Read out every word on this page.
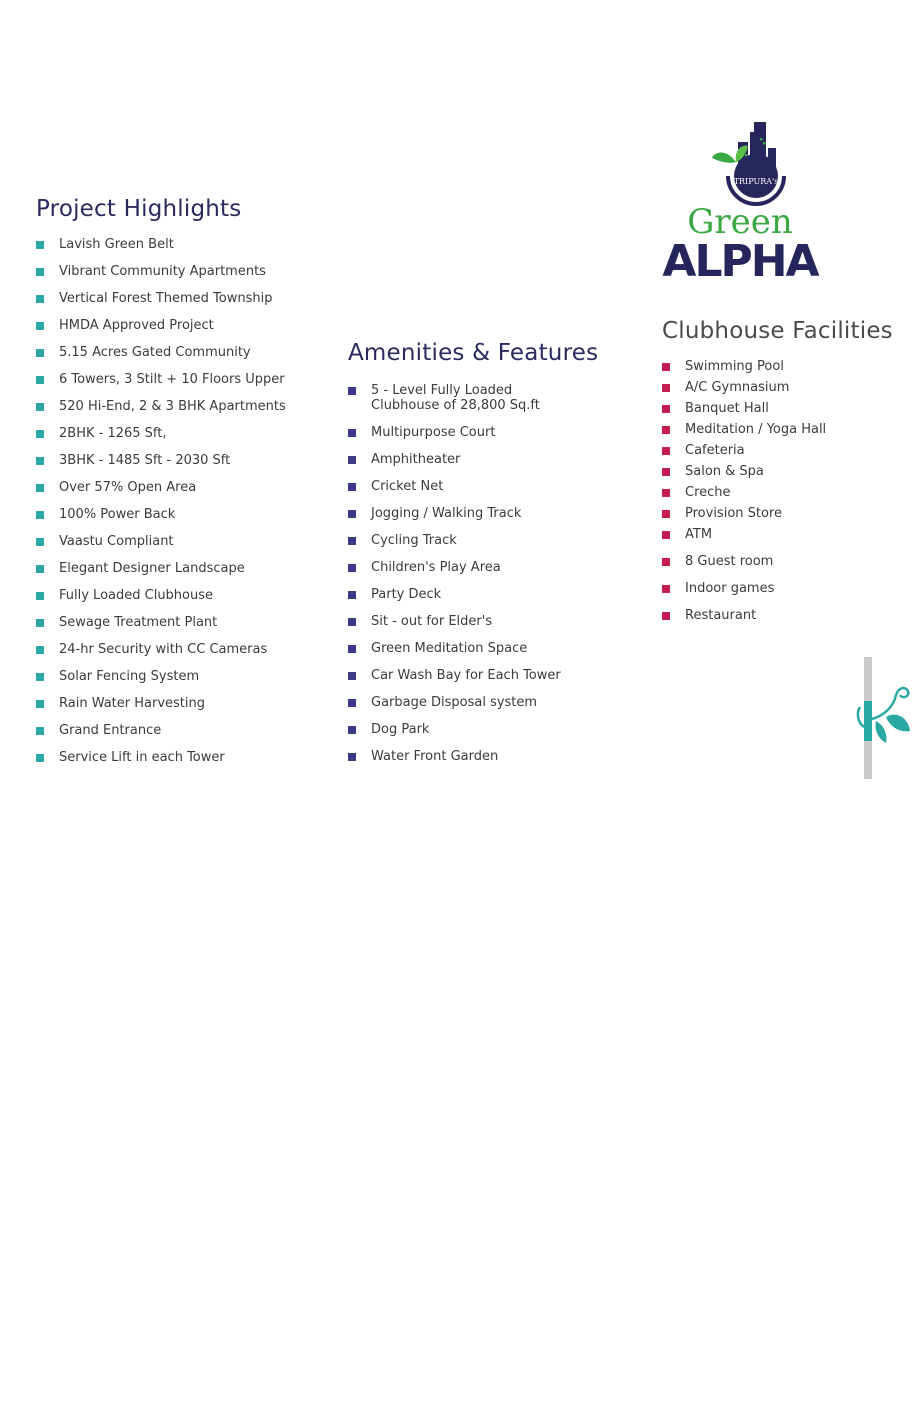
TRIPURA's
Green
ALPHA
Project Highlights
Lavish Green Belt
Vibrant Community Apartments
Vertical Forest Themed Township
HMDA Approved Project
5.15 Acres Gated Community
6 Towers, 3 Stilt + 10 Floors Upper
520 Hi-End, 2 & 3 BHK Apartments
2BHK - 1265 Sft,
3BHK - 1485 Sft - 2030 Sft
Over 57% Open Area
100% Power Back
Vaastu Compliant
Elegant Designer Landscape
Fully Loaded Clubhouse
Sewage Treatment Plant
24-hr Security with CC Cameras
Solar Fencing System
Rain Water Harvesting
Grand Entrance
Service Lift in each Tower
Amenities & Features
5 - Level Fully Loaded
Clubhouse of 28,800 Sq.ft
Multipurpose Court
Amphitheater
Cricket Net
Jogging / Walking Track
Cycling Track
Children's Play Area
Party Deck
Sit - out for Elder's
Green Meditation Space
Car Wash Bay for Each Tower
Garbage Disposal system
Dog Park
Water Front Garden
Clubhouse Facilities
Swimming Pool
A/C Gymnasium
Banquet Hall
Meditation / Yoga Hall
Cafeteria
Salon & Spa
Creche
Provision Store
ATM
8 Guest room
Indoor games
Restaurant
